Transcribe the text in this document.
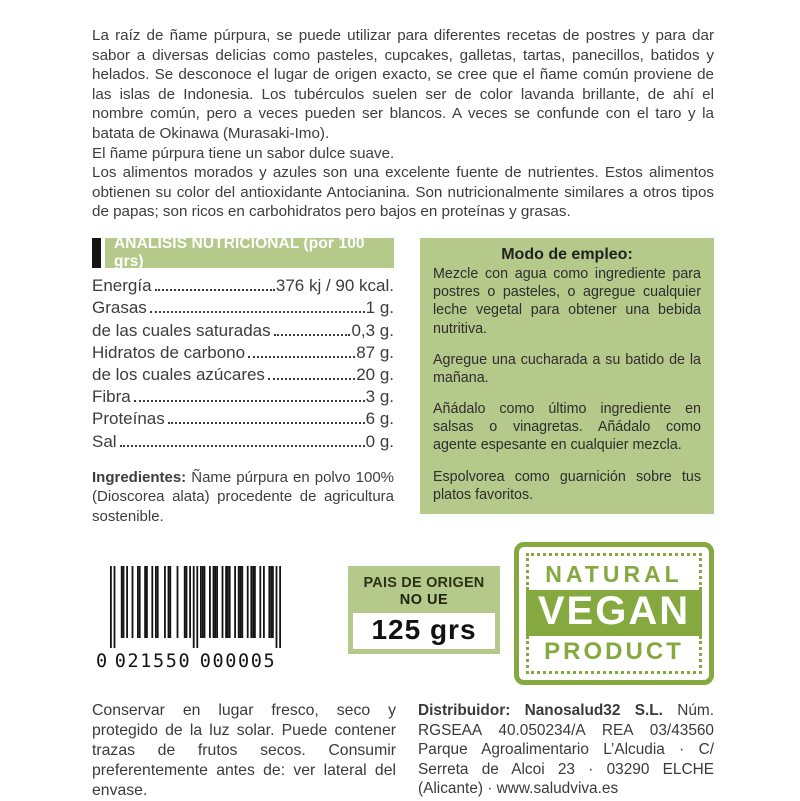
La raíz de ñame púrpura, se puede utilizar para diferentes recetas de postres y para dar sabor a diversas delicias como pasteles, cupcakes, galletas, tartas, panecillos, batidos y helados. Se desconoce el lugar de origen exacto, se cree que el ñame común proviene de las islas de Indonesia. Los tubérculos suelen ser de color lavanda brillante, de ahí el nombre común, pero a veces pueden ser blancos. A veces se confunde con el taro y la batata de Okinawa (Murasaki-Imo).

El ñame púrpura tiene un sabor dulce suave.

Los alimentos morados y azules son una excelente fuente de nutrientes. Estos alimentos obtienen su color del antioxidante Antocianina. Son nutricionalmente similares a otros tipos de papas; son ricos en carbohidratos pero bajos en proteínas y grasas.

ANÁLISIS NUTRICIONAL (por 100 grs)
Energía	376 kj / 90 kcal.
Grasas	1 g.
de las cuales saturadas	0,3 g.
Hidratos de carbono	87 g.
de los cuales azúcares	20 g.
Fibra	3 g.
Proteínas	6 g.
Sal	0 g.

Ingredientes: Ñame púrpura en polvo 100% (Dioscorea alata) procedente de agricultura sostenible.

Modo de empleo:

Mezcle con agua como ingrediente para postres o pasteles, o agregue cualquier leche vegetal para obtener una bebida nutritiva.

Agregue una cucharada a su batido de la mañana.

Añádalo como último ingrediente en salsas o vinagretas. Añádalo como agente espesante en cualquier mezcla.

Espolvorea como guarnición sobre tus platos favoritos.

0 021550 000005
PAIS DE ORIGEN
NO UE
125 grs
NATURAL
VEGAN
PRODUCT

Conservar en lugar fresco, seco y protegido de la luz solar. Puede contener trazas de frutos secos. Consumir preferentemente antes de: ver lateral del envase.

Distribuidor: Nanosalud32 S.L. Núm. RGSEAA 40.050234/A REA 03/43560 Parque Agroalimentario L’Alcudia · C/ Serreta de Alcoi 23 · 03290 ELCHE (Alicante) · www.saludviva.es
